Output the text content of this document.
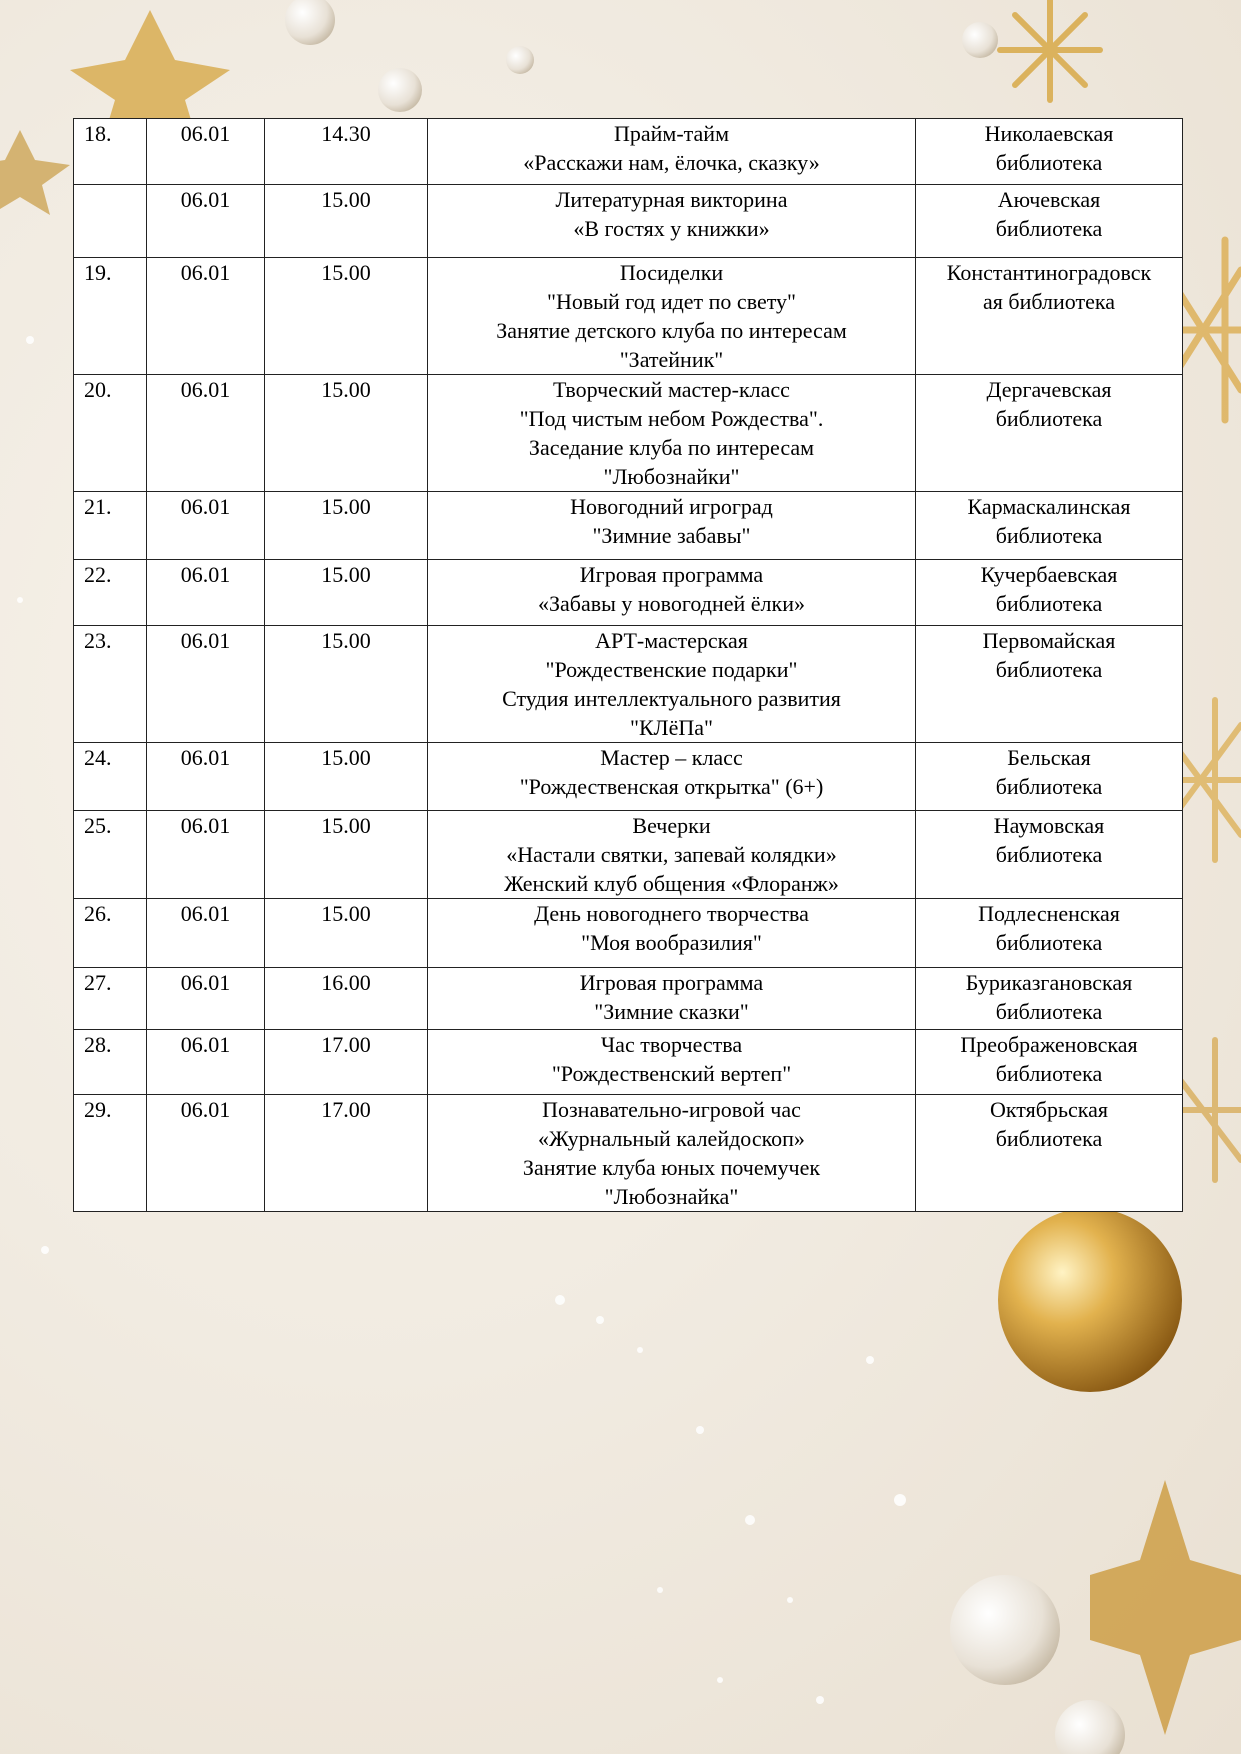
18.	06.01	14.30	Прайм-тайм
«Расскажи нам, ёлочка, сказку»	Николаевская
библиотека

	06.01	15.00	Литературная викторина
«В гостях у книжки»	Аючевская
библиотека

19.	06.01	15.00	Посиделки
"Новый год идет по свету"
Занятие детского клуба по интересам
"Затейник"	Константиноградовск
ая библиотека

20.	06.01	15.00	Творческий мастер-класс
"Под чистым небом Рождества".
Заседание клуба по интересам
"Любознайки"	Дергачевская
библиотека

21.	06.01	15.00	Новогодний игроград
"Зимние забавы"	Кармаскалинская
библиотека

22.	06.01	15.00	Игровая программа
«Забавы у новогодней ёлки»	Кучербаевская
библиотека

23.	06.01	15.00	АРТ-мастерская
"Рождественские подарки"
Студия интеллектуального развития
"КЛёПа"	Первомайская
библиотека

24.	06.01	15.00	Мастер – класс
"Рождественская открытка" (6+)	Бельская
библиотека

25.	06.01	15.00	Вечерки
«Настали святки, запевай колядки»
Женский клуб общения «Флоранж»	Наумовская
библиотека

26.	06.01	15.00	День новогоднего творчества
"Моя вообразилия"	Подлесненская
библиотека

27.	06.01	16.00	Игровая программа
"Зимние сказки"	Буриказгановская
библиотека

28.	06.01	17.00	Час творчества
"Рождественский вертеп"	Преображеновская
библиотека

29.	06.01	17.00	Познавательно-игровой час
«Журнальный калейдоскоп»
Занятие клуба юных почемучек
"Любознайка"	Октябрьская
библиотека
